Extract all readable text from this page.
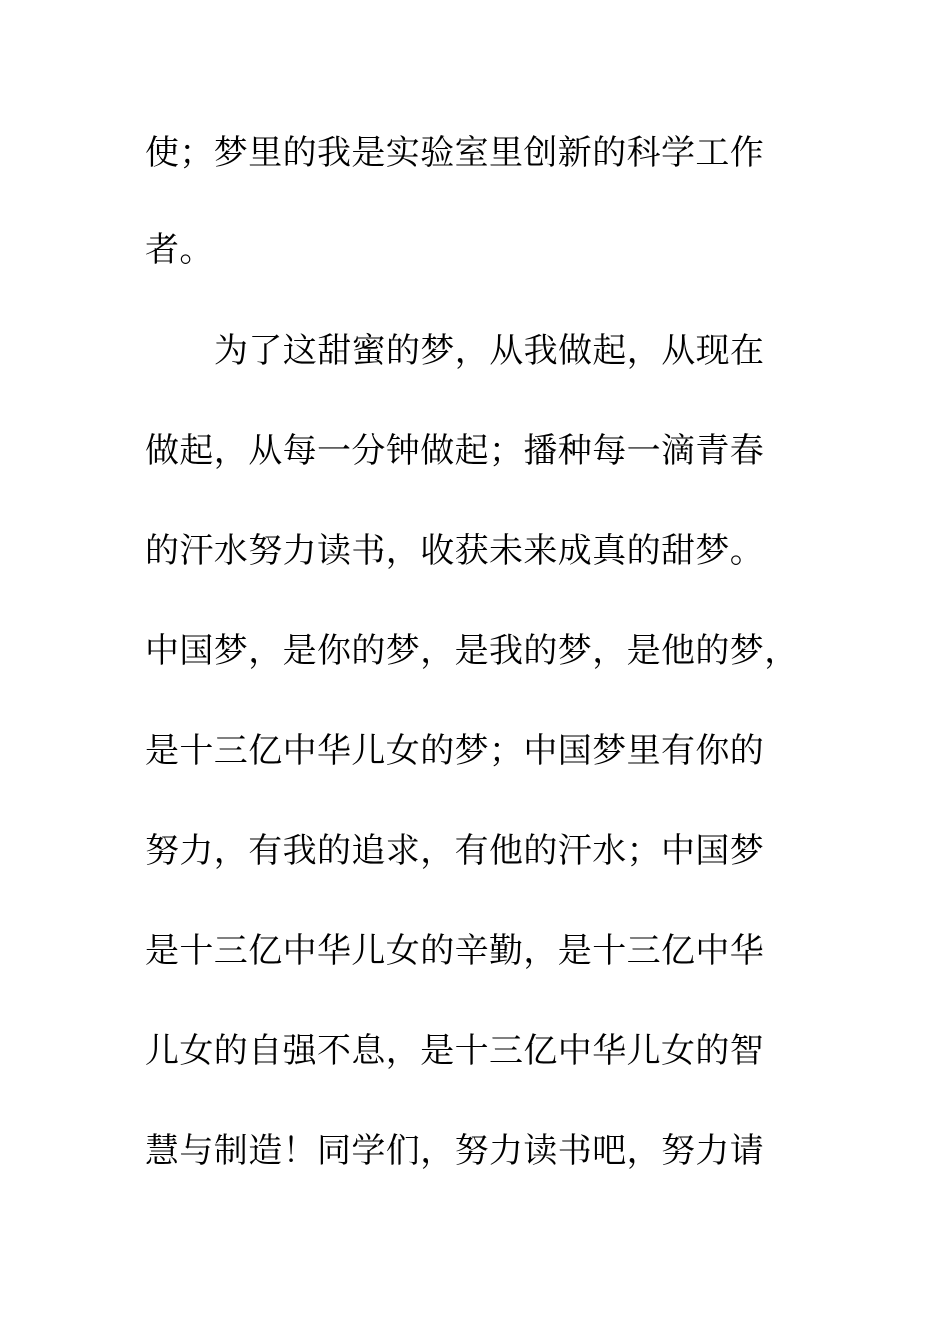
使；梦里的我是实验室里创新的科学工作
者。
为了这甜蜜的梦，从我做起，从现在
做起，从每一分钟做起；播种每一滴青春
的汗水努力读书，收获未来成真的甜梦。
中国梦，是你的梦，是我的梦，是他的梦，
是十三亿中华儿女的梦；中国梦里有你的
努力，有我的追求，有他的汗水；中国梦
是十三亿中华儿女的辛勤，是十三亿中华
儿女的自强不息，是十三亿中华儿女的智
慧与制造！同学们，努力读书吧，努力请
